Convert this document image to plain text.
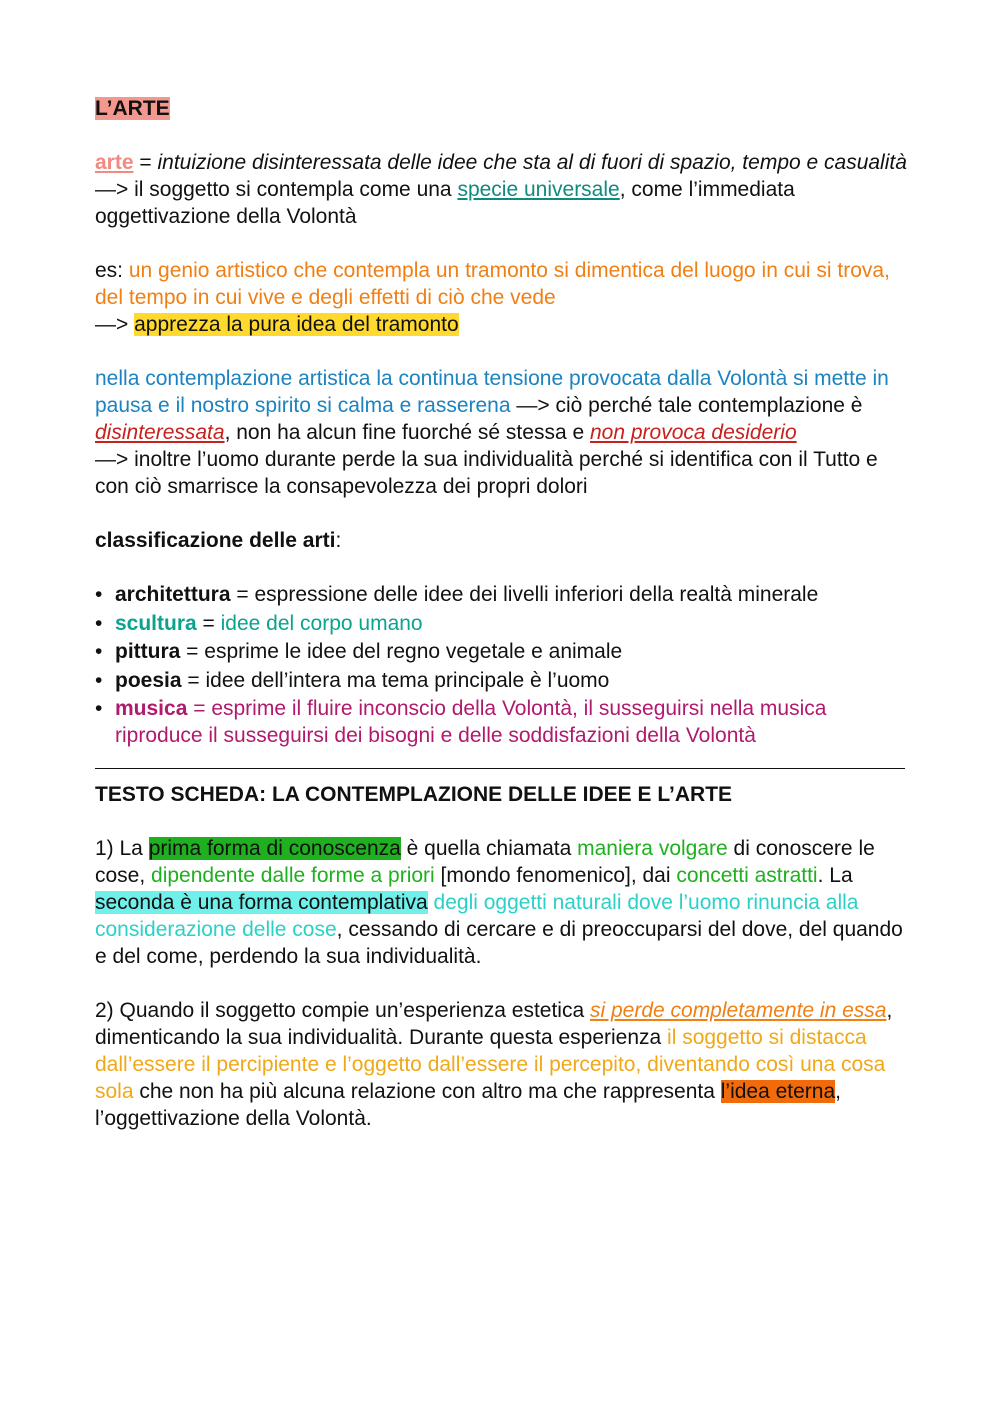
L’ARTE

arte = intuizione disinteressata delle idee che sta al di fuori di spazio, tempo e casualità
—> il soggetto si contempla come una specie universale, come l’immediata oggettivazione della Volontà

es: un genio artistico che contempla un tramonto si dimentica del luogo in cui si trova, del tempo in cui vive e degli effetti di ciò che vede
—> apprezza la pura idea del tramonto

nella contemplazione artistica la continua tensione provocata dalla Volontà si mette in pausa e il nostro spirito si calma e rasserena —> ciò perché tale contemplazione è disinteressata, non ha alcun fine fuorché sé stessa e non provoca desiderio
—> inoltre l’uomo durante perde la sua individualità perché si identifica con il Tutto e con ciò smarrisce la consapevolezza dei propri dolori

classificazione delle arti:

• architettura = espressione delle idee dei livelli inferiori della realtà minerale
• scultura = idee del corpo umano
• pittura = esprime le idee del regno vegetale e animale
• poesia = idee dell’intera ma tema principale è l’uomo
• musica = esprime il fluire inconscio della Volontà, il susseguirsi nella musica riproduce il susseguirsi dei bisogni e delle soddisfazioni della Volontà

TESTO SCHEDA: LA CONTEMPLAZIONE DELLE IDEE E L’ARTE

1) La prima forma di conoscenza è quella chiamata maniera volgare di conoscere le cose, dipendente dalle forme a priori [mondo fenomenico], dai concetti astratti. La seconda è una forma contemplativa degli oggetti naturali dove l’uomo rinuncia alla considerazione delle cose, cessando di cercare e di preoccuparsi del dove, del quando e del come, perdendo la sua individualità.

2) Quando il soggetto compie un’esperienza estetica si perde completamente in essa, dimenticando la sua individualità. Durante questa esperienza il soggetto si distacca dall’essere il percipiente e l’oggetto dall’essere il percepito, diventando così una cosa sola che non ha più alcuna relazione con altro ma che rappresenta l’idea eterna, l’oggettivazione della Volontà.
